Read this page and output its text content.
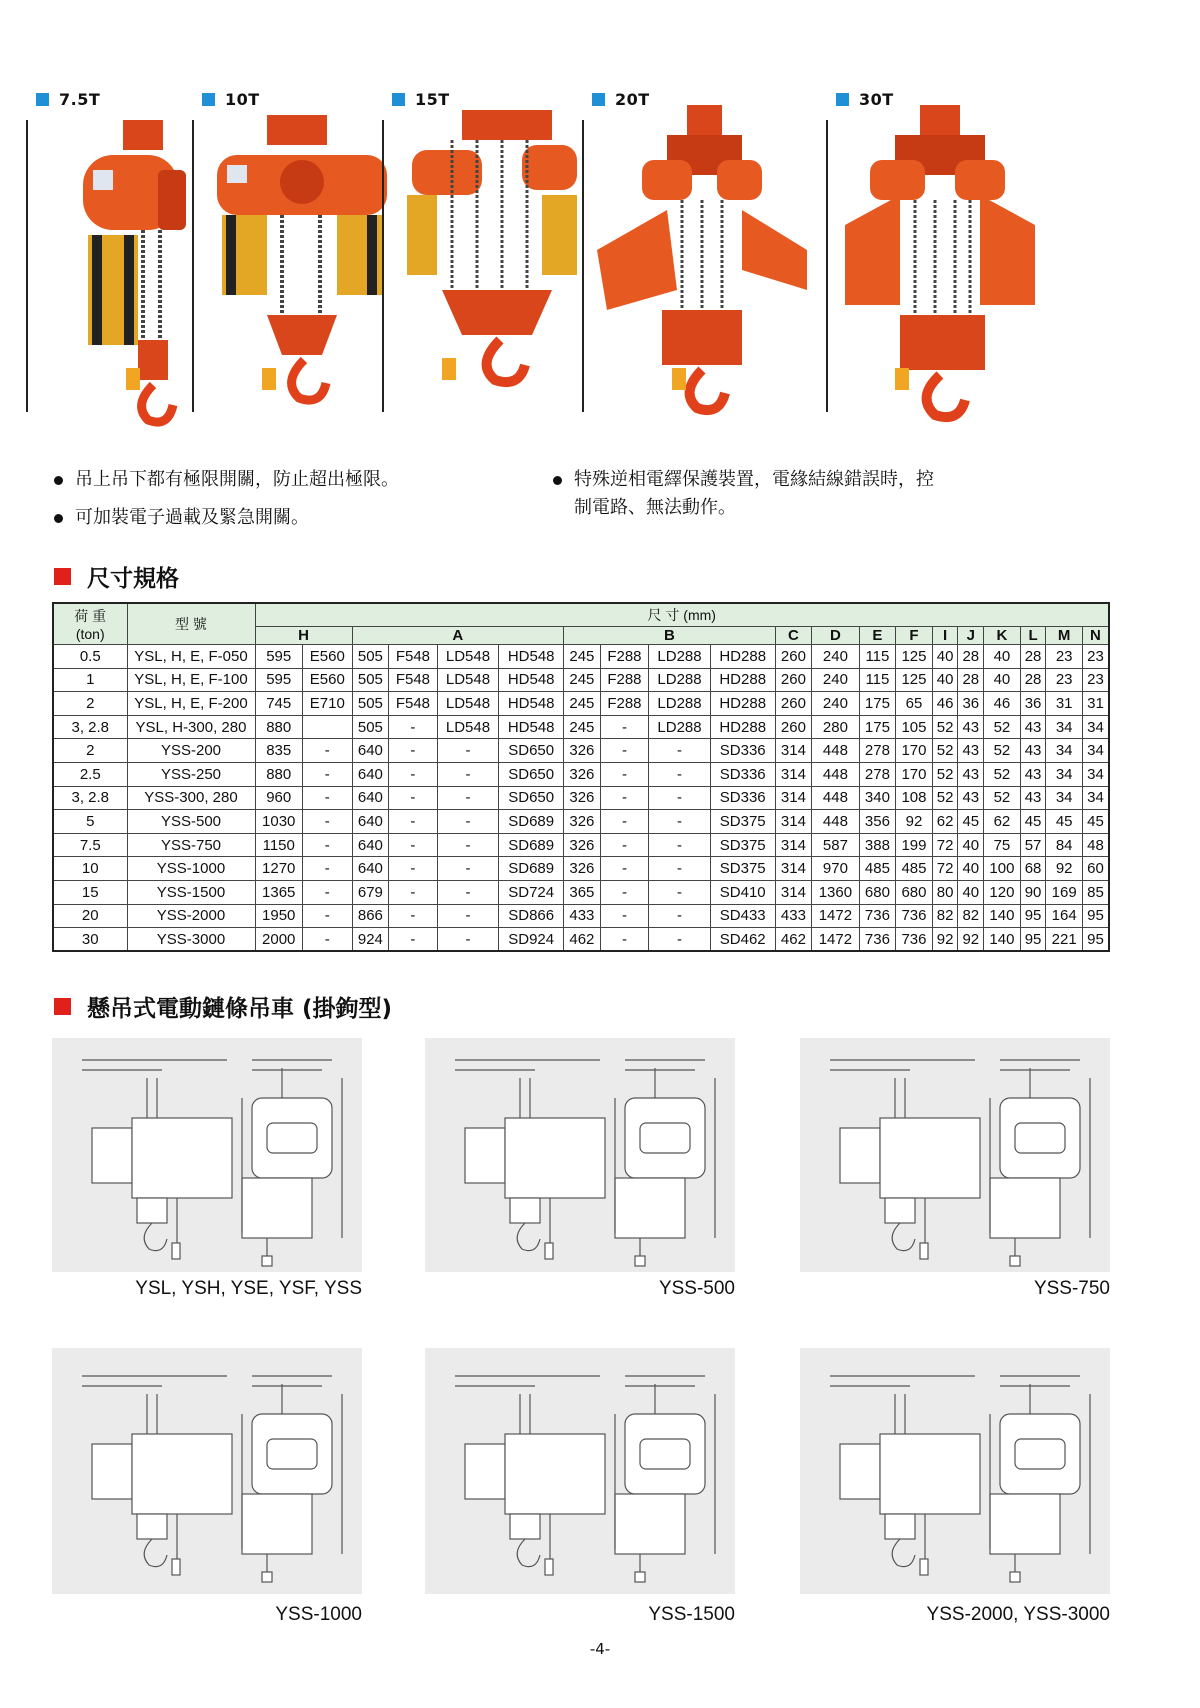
7.5T	10T	15T	20T	30T
吊上吊下都有極限開關，防止超出極限。
可加裝電子過載及緊急開關。
特殊逆相電繹保護裝置，電緣結線錯誤時，控
制電路、無法動作。
尺寸規格
荷 重
(ton)	型 號	尺 寸 (mm)																			
		H		A				B				C	D	E	F	I	J	K	L	M	N
0.5	YSL, H, E, F-050	595	E560	505	F548	LD548	HD548	245	F288	LD288	HD288	260	240	115	125	40	28	40	28	23	23
1	YSL, H, E, F-100	595	E560	505	F548	LD548	HD548	245	F288	LD288	HD288	260	240	115	125	40	28	40	28	23	23
2	YSL, H, E, F-200	745	E710	505	F548	LD548	HD548	245	F288	LD288	HD288	260	240	175	65	46	36	46	36	31	31
3, 2.8	YSL, H-300, 280	880		505	-	LD548	HD548	245	-	LD288	HD288	260	280	175	105	52	43	52	43	34	34
2	YSS-200	835	-	640	-	-	SD650	326	-	-	SD336	314	448	278	170	52	43	52	43	34	34
2.5	YSS-250	880	-	640	-	-	SD650	326	-	-	SD336	314	448	278	170	52	43	52	43	34	34
3, 2.8	YSS-300, 280	960	-	640	-	-	SD650	326	-	-	SD336	314	448	340	108	52	43	52	43	34	34
5	YSS-500	1030	-	640	-	-	SD689	326	-	-	SD375	314	448	356	92	62	45	62	45	45	45
7.5	YSS-750	1150	-	640	-	-	SD689	326	-	-	SD375	314	587	388	199	72	40	75	57	84	48
10	YSS-1000	1270	-	640	-	-	SD689	326	-	-	SD375	314	970	485	485	72	40	100	68	92	60
15	YSS-1500	1365	-	679	-	-	SD724	365	-	-	SD410	314	1360	680	680	80	40	120	90	169	85
20	YSS-2000	1950	-	866	-	-	SD866	433	-	-	SD433	433	1472	736	736	82	82	140	95	164	95
30	YSS-3000	2000	-	924	-	-	SD924	462	-	-	SD462	462	1472	736	736	92	92	140	95	221	95
懸吊式電動鏈條吊車 (掛鉤型)
YSL, YSH, YSE, YSF, YSS	YSS-500	YSS-750
YSS-1000	YSS-1500	YSS-2000, YSS-3000
-4-
